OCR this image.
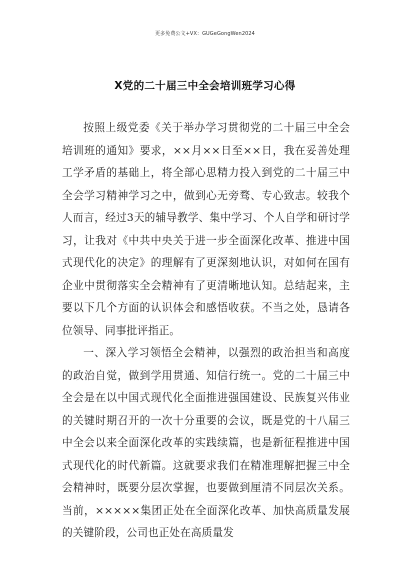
更多免费公文+VX：GUGeGongWen2024
X党的二十届三中全会培训班学习心得

按照上级党委《关于举办学习贯彻党的二十届三中全会培训班的通知》要求，××月××日至××日，我在妥善处理工学矛盾的基础上，将全部心思精力投入到党的二十届三中全会学习精神学习之中，做到心无旁骛、专心致志。较我个人而言，经过3天的辅导教学、集中学习、个人自学和研讨学习，让我对《中共中央关于进一步全面深化改革、推进中国式现代化的决定》的理解有了更深刻地认识，对如何在国有企业中贯彻落实全会精神有了更清晰地认知。总结起来，主要以下几个方面的认识体会和感悟收获。不当之处，恳请各位领导、同事批评指正。

一、深入学习领悟全会精神，以强烈的政治担当和高度的政治自觉，做到学用贯通、知信行统一。党的二十届三中全会是在以中国式现代化全面推进强国建设、民族复兴伟业的关键时期召开的一次十分重要的会议，既是党的十八届三中全会以来全面深化改革的实践续篇，也是新征程推进中国式现代化的时代新篇。这就要求我们在精准理解把握三中全会精神时，既要分层次掌握，也要做到厘清不同层次关系。当前，×××××集团正处在全面深化改革、加快高质量发展的关键阶段，公司也正处在高质量发
